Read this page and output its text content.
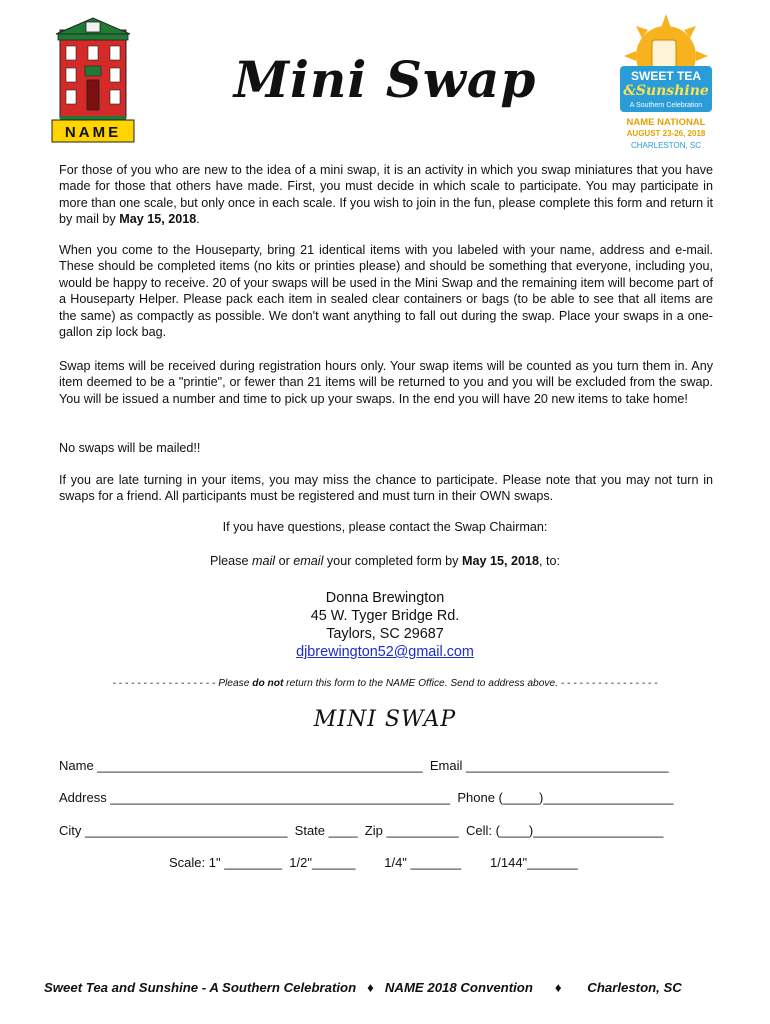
NAME
SWEET TEA
&Sunshine
A Southern Celebration
NAME NATIONAL
AUGUST 23-26, 2018
CHARLESTON, SC
Mini Swap
For those of you who are new to the idea of a mini swap, it is an activity in which you swap miniatures that you have made for those that others have made. First, you must decide in which scale to participate. You may participate in more than one scale, but only once in each scale. If you wish to join in the fun, please complete this form and return it by mail by May 15, 2018.
When you come to the Houseparty, bring 21 identical items with you labeled with your name, address and e-mail. These should be completed items (no kits or printies please) and should be something that everyone, including you, would be happy to receive. 20 of your swaps will be used in the Mini Swap and the remaining item will become part of a Houseparty Helper. Please pack each item in sealed clear containers or bags (to be able to see that all items are the same) as compactly as possible. We don't want anything to fall out during the swap. Place your swaps in a one-gallon zip lock bag.
Swap items will be received during registration hours only. Your swap items will be counted as you turn them in. Any item deemed to be a "printie", or fewer than 21 items will be returned to you and you will be excluded from the swap. You will be issued a number and time to pick up your swaps. In the end you will have 20 new items to take home!
No swaps will be mailed!!
If you are late turning in your items, you may miss the chance to participate. Please note that you may not turn in swaps for a friend. All participants must be registered and must turn in their OWN swaps.
If you have questions, please contact the Swap Chairman:
Please mail or email your completed form by May 15, 2018, to:
Donna Brewington
45 W. Tyger Bridge Rd.
Taylors, SC 29687
djbrewington52@gmail.com
- - - - - - - - - - - - - - - - - Please do not return this form to the NAME Office. Send to address above. - - - - - - - - - - - - - - - -
MINI SWAP
Name _____________________________________________  Email ____________________________
Address _______________________________________________  Phone (_____)__________________
City ____________________________  State ____  Zip __________  Cell: (____)__________________
Scale: 1" ________  1/2"______        1/4" _______        1/144"_______
Sweet Tea and Sunshine - A Southern Celebration ♦ NAME 2018 Convention ♦ Charleston, SC
